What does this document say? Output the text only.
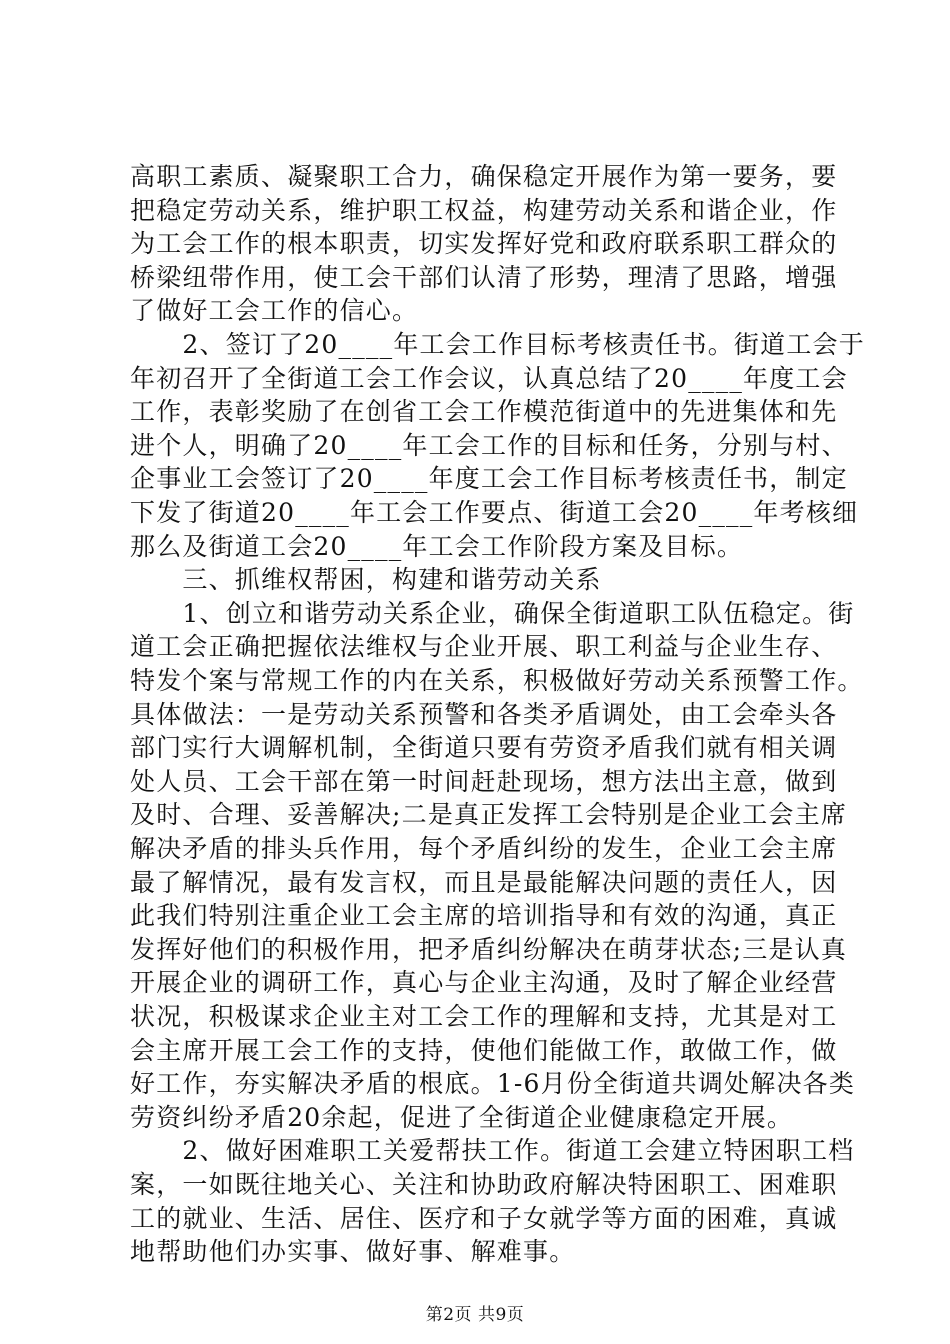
高职工素质、凝聚职工合力，确保稳定开展作为第一要务，要
把稳定劳动关系，维护职工权益，构建劳动关系和谐企业，作
为工会工作的根本职责，切实发挥好党和政府联系职工群众的
桥梁纽带作用，使工会干部们认清了形势，理清了思路，增强
了做好工会工作的信心。
　　2、签订了20____年工会工作目标考核责任书。街道工会于
年初召开了全街道工会工作会议，认真总结了20____年度工会
工作，表彰奖励了在创省工会工作模范街道中的先进集体和先
进个人，明确了20____年工会工作的目标和任务，分别与村、
企事业工会签订了20____年度工会工作目标考核责任书，制定
下发了街道20____年工会工作要点、街道工会20____年考核细
那么及街道工会20____年工会工作阶段方案及目标。
　　三、抓维权帮困，构建和谐劳动关系
　　1、创立和谐劳动关系企业，确保全街道职工队伍稳定。街
道工会正确把握依法维权与企业开展、职工利益与企业生存、
特发个案与常规工作的内在关系，积极做好劳动关系预警工作。
具体做法：一是劳动关系预警和各类矛盾调处，由工会牵头各
部门实行大调解机制，全街道只要有劳资矛盾我们就有相关调
处人员、工会干部在第一时间赶赴现场，想方法出主意，做到
及时、合理、妥善解决;二是真正发挥工会特别是企业工会主席
解决矛盾的排头兵作用，每个矛盾纠纷的发生，企业工会主席
最了解情况，最有发言权，而且是最能解决问题的责任人，因
此我们特别注重企业工会主席的培训指导和有效的沟通，真正
发挥好他们的积极作用，把矛盾纠纷解决在萌芽状态;三是认真
开展企业的调研工作，真心与企业主沟通，及时了解企业经营
状况，积极谋求企业主对工会工作的理解和支持，尤其是对工
会主席开展工会工作的支持，使他们能做工作，敢做工作，做
好工作，夯实解决矛盾的根底。1-6月份全街道共调处解决各类
劳资纠纷矛盾20余起，促进了全街道企业健康稳定开展。
　　2、做好困难职工关爱帮扶工作。街道工会建立特困职工档
案，一如既往地关心、关注和协助政府解决特困职工、困难职
工的就业、生活、居住、医疗和子女就学等方面的困难，真诚
地帮助他们办实事、做好事、解难事。
第2页 共9页
